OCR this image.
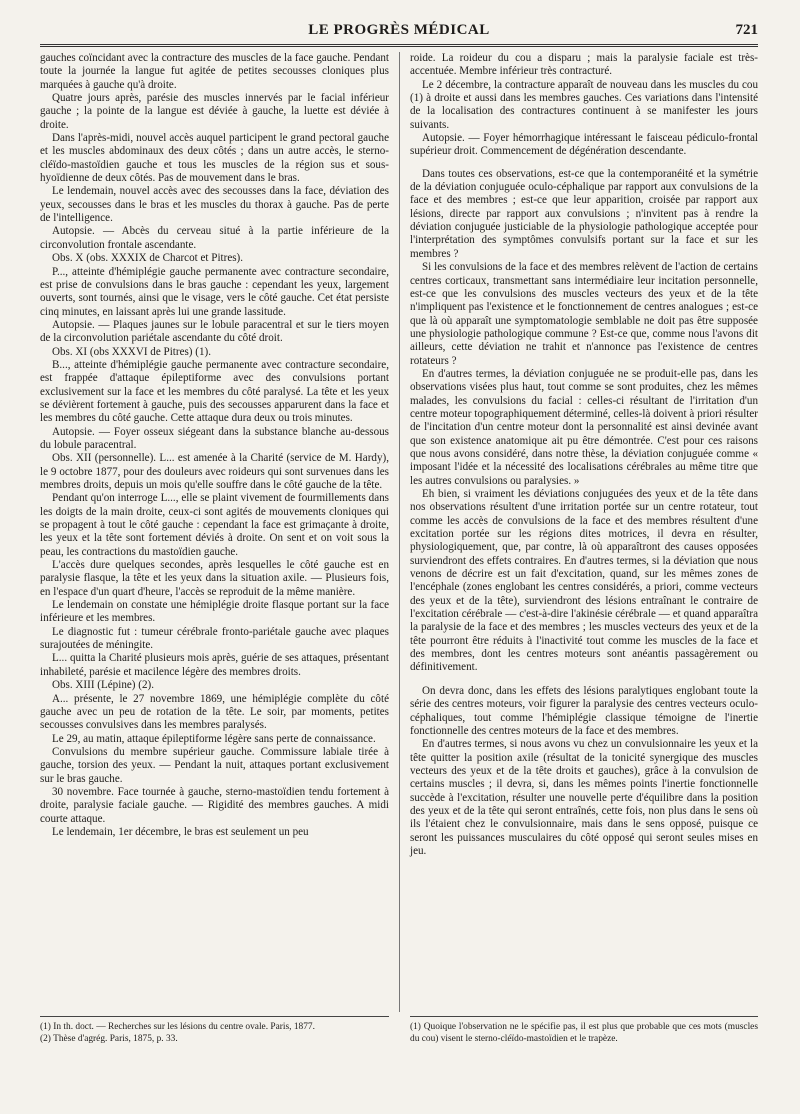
LE PROGRÈS MÉDICAL	721

gauches coïncidant avec la contracture des muscles de la face gauche. Pendant toute la journée la langue fut agitée de petites secousses cloniques plus marquées à gauche qu'à droite.

Quatre jours après, parésie des muscles innervés par le facial inférieur gauche ; la pointe de la langue est déviée à gauche, la luette est déviée à droite.

Dans l'après-midi, nouvel accès auquel participent le grand pectoral gauche et les muscles abdominaux des deux côtés ; dans un autre accès, le sterno-cléïdo-mastoïdien gauche et tous les muscles de la région sus et sous-hyoïdienne de deux côtés. Pas de mouvement dans le bras.

Le lendemain, nouvel accès avec des secousses dans la face, déviation des yeux, secousses dans le bras et les muscles du thorax à gauche. Pas de perte de l'intelligence.

Autopsie. — Abcès du cerveau situé à la partie inférieure de la circonvolution frontale ascendante.

Obs. X (obs. XXXIX de Charcot et Pitres).

P..., atteinte d'hémiplégie gauche permanente avec contracture secondaire, est prise de convulsions dans le bras gauche : cependant les yeux, largement ouverts, sont tournés, ainsi que le visage, vers le côté gauche. Cet état persiste cinq minutes, en laissant après lui une grande lassitude.

Autopsie. — Plaques jaunes sur le lobule paracentral et sur le tiers moyen de la circonvolution pariétale ascendante du côté droit.

Obs. XI (obs XXXVI de Pitres) (1).

B..., atteinte d'hémiplégie gauche permanente avec contracture secondaire, est frappée d'attaque épileptiforme avec des convulsions portant exclusivement sur la face et les membres du côté paralysé. La tête et les yeux se dévièrent fortement à gauche, puis des secousses apparurent dans la face et les membres du côté gauche. Cette attaque dura deux ou trois minutes.

Autopsie. — Foyer osseux siégeant dans la substance blanche au-dessous du lobule paracentral.

Obs. XII (personnelle). L... est amenée à la Charité (service de M. Hardy), le 9 octobre 1877, pour des douleurs avec roideurs qui sont survenues dans les membres droits, depuis un mois qu'elle souffre dans le côté gauche de la tête.

Pendant qu'on interroge L..., elle se plaint vivement de fourmillements dans les doigts de la main droite, ceux-ci sont agités de mouvements cloniques qui se propagent à tout le côté gauche : cependant la face est grimaçante à droite, les yeux et la tête sont fortement déviés à droite. On sent et on voit sous la peau, les contractions du mastoïdien gauche.

L'accès dure quelques secondes, après lesquelles le côté gauche est en paralysie flasque, la tête et les yeux dans la situation axile. — Plusieurs fois, en l'espace d'un quart d'heure, l'accès se reproduit de la même manière.

Le lendemain on constate une hémiplégie droite flasque portant sur la face inférieure et les membres.

Le diagnostic fut : tumeur cérébrale fronto-pariétale gauche avec plaques surajoutées de méningite.

L... quitta la Charité plusieurs mois après, guérie de ses attaques, présentant inhabileté, parésie et macilence légère des membres droits.

Obs. XIII (Lépine) (2).

A... présente, le 27 novembre 1869, une hémiplégie complète du côté gauche avec un peu de rotation de la tête. Le soir, par moments, petites secousses convulsives dans les membres paralysés.

Le 29, au matin, attaque épileptiforme légère sans perte de connaissance.

Convulsions du membre supérieur gauche. Commissure labiale tirée à gauche, torsion des yeux. — Pendant la nuit, attaques portant exclusivement sur le bras gauche.

30 novembre. Face tournée à gauche, sterno-mastoïdien tendu fortement à droite, paralysie faciale gauche. — Rigidité des membres gauches. A midi courte attaque.

Le lendemain, 1er décembre, le bras est seulement un peu

roide. La roideur du cou a disparu ; mais la paralysie faciale est très-accentuée. Membre inférieur très contracturé.

Le 2 décembre, la contracture apparaît de nouveau dans les muscles du cou (1) à droite et aussi dans les membres gauches. Ces variations dans l'intensité de la localisation des contractures continuent à se manifester les jours suivants.

Autopsie. — Foyer hémorrhagique intéressant le faisceau pédiculo-frontal supérieur droit. Commencement de dégénération descendante.

Dans toutes ces observations, est-ce que la contemporanéité et la symétrie de la déviation conjuguée oculo-céphalique par rapport aux convulsions de la face et des membres ; est-ce que leur apparition, croisée par rapport aux lésions, directe par rapport aux convulsions ; n'invitent pas à rendre la déviation conjuguée justiciable de la physiologie pathologique acceptée pour l'interprétation des symptômes convulsifs portant sur la face et sur les membres ?

Si les convulsions de la face et des membres relèvent de l'action de certains centres corticaux, transmettant sans intermédiaire leur incitation personnelle, est-ce que les convulsions des muscles vecteurs des yeux et de la tête n'impliquent pas l'existence et le fonctionnement de centres analogues ; est-ce que là où apparaît une symptomatologie semblable ne doit pas être supposée une physiologie pathologique commune ? Est-ce que, comme nous l'avons dit ailleurs, cette déviation ne trahit et n'annonce pas l'existence de centres rotateurs ?

En d'autres termes, la déviation conjuguée ne se produit-elle pas, dans les observations visées plus haut, tout comme se sont produites, chez les mêmes malades, les convulsions du facial : celles-ci résultant de l'irritation d'un centre moteur topographiquement déterminé, celles-là doivent à priori résulter de l'incitation d'un centre moteur dont la personnalité est ainsi devinée avant que son existence anatomique ait pu être démontrée. C'est pour ces raisons que nous avons considéré, dans notre thèse, la déviation conjuguée comme « imposant l'idée et la nécessité des localisations cérébrales au même titre que les autres convulsions ou paralysies. »

Eh bien, si vraiment les déviations conjuguées des yeux et de la tête dans nos observations résultent d'une irritation portée sur un centre rotateur, tout comme les accès de convulsions de la face et des membres résultent d'une excitation portée sur les régions dites motrices, il devra en résulter, physiologiquement, que, par contre, là où apparaîtront des causes opposées surviendront des effets contraires. En d'autres termes, si la déviation que nous venons de décrire est un fait d'excitation, quand, sur les mêmes zones de l'encéphale (zones englobant les centres considérés, a priori, comme vecteurs des yeux et de la tête), surviendront des lésions entraînant le contraire de l'excitation cérébrale — c'est-à-dire l'akinésie cérébrale — et quand apparaîtra la paralysie de la face et des membres ; les muscles vecteurs des yeux et de la tête pourront être réduits à l'inactivité tout comme les muscles de la face et des membres, dont les centres moteurs sont anéantis passagèrement ou définitivement.

On devra donc, dans les effets des lésions paralytiques englobant toute la série des centres moteurs, voir figurer la paralysie des centres vecteurs oculo-céphaliques, tout comme l'hémiplégie classique témoigne de l'inertie fonctionnelle des centres moteurs de la face et des membres.

En d'autres termes, si nous avons vu chez un convulsionnaire les yeux et la tête quitter la position axile (résultat de la tonicité synergique des muscles vecteurs des yeux et de la tête droits et gauches), grâce à la convulsion de certains muscles ; il devra, si, dans les mêmes points l'inertie fonctionnelle succède à l'excitation, résulter une nouvelle perte d'équilibre dans la position des yeux et de la tête qui seront entraînés, cette fois, non plus dans le sens où ils l'étaient chez le convulsionnaire, mais dans le sens opposé, puisque ce seront les puissances musculaires du côté opposé qui seront seules mises en jeu.

(1) In th. doct. — Recherches sur les lésions du centre ovale. Paris, 1877.

(2) Thèse d'agrég. Paris, 1875, p. 33.

(1) Quoique l'observation ne le spécifie pas, il est plus que probable que ces mots (muscles du cou) visent le sterno-cléïdo-mastoïdien et le trapèze.
